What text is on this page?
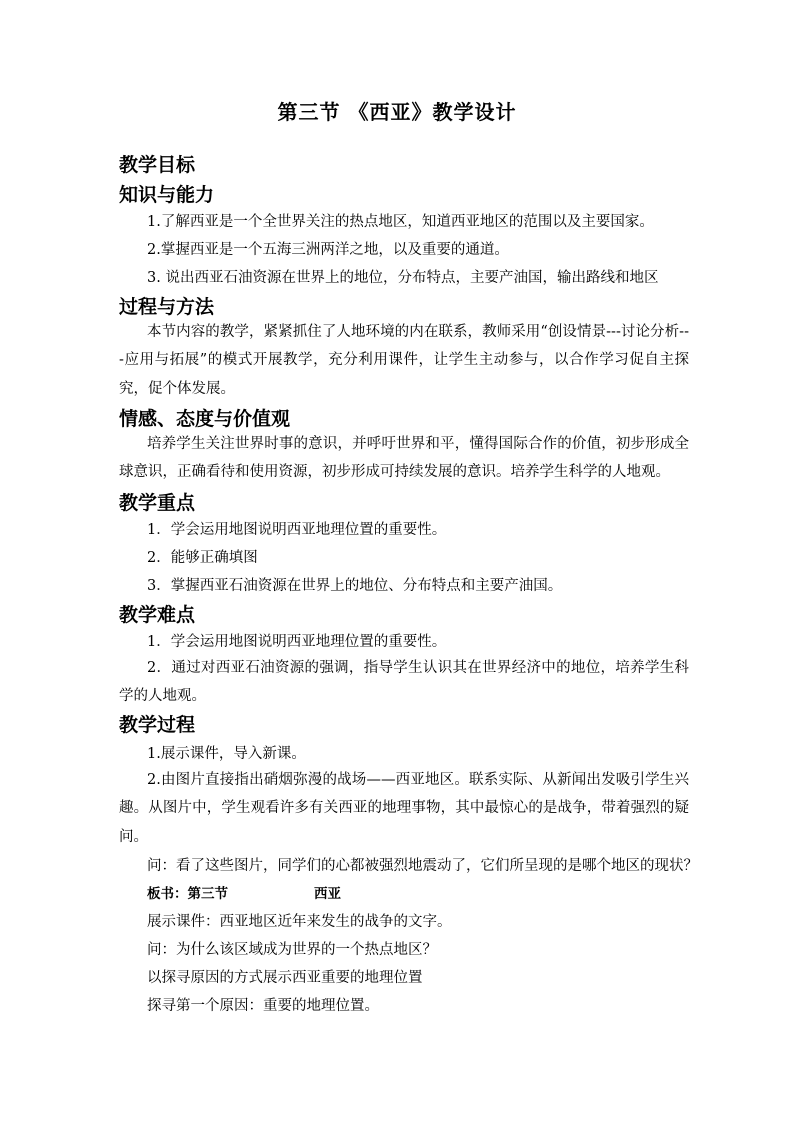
第三节 《西亚》教学设计
教学目标
知识与能力
1.了解西亚是一个全世界关注的热点地区，知道西亚地区的范围以及主要国家。
2.掌握西亚是一个五海三洲两洋之地，以及重要的通道。
3. 说出西亚石油资源在世界上的地位，分布特点，主要产油国，输出路线和地区
过程与方法
本节内容的教学，紧紧抓住了人地环境的内在联系，教师采用“创设情景---讨论分析---应用与拓展”的模式开展教学，充分利用课件，让学生主动参与，以合作学习促自主探究，促个体发展。
情感、态度与价值观
培养学生关注世界时事的意识，并呼吁世界和平，懂得国际合作的价值，初步形成全球意识，正确看待和使用资源，初步形成可持续发展的意识。培养学生科学的人地观。
教学重点
1．学会运用地图说明西亚地理位置的重要性。
2．能够正确填图
3．掌握西亚石油资源在世界上的地位、分布特点和主要产油国。
教学难点
1．学会运用地图说明西亚地理位置的重要性。
2．通过对西亚石油资源的强调，指导学生认识其在世界经济中的地位，培养学生科学的人地观。
教学过程
1.展示课件，导入新课。
2.由图片直接指出硝烟弥漫的战场——西亚地区。联系实际、从新闻出发吸引学生兴趣。从图片中，学生观看许多有关西亚的地理事物，其中最惊心的是战争，带着强烈的疑问。
问：看了这些图片，同学们的心都被强烈地震动了，它们所呈现的是哪个地区的现状？
板书：第三节	西亚
展示课件：西亚地区近年来发生的战争的文字。
问：为什么该区域成为世界的一个热点地区？
以探寻原因的方式展示西亚重要的地理位置
探寻第一个原因：重要的地理位置。
